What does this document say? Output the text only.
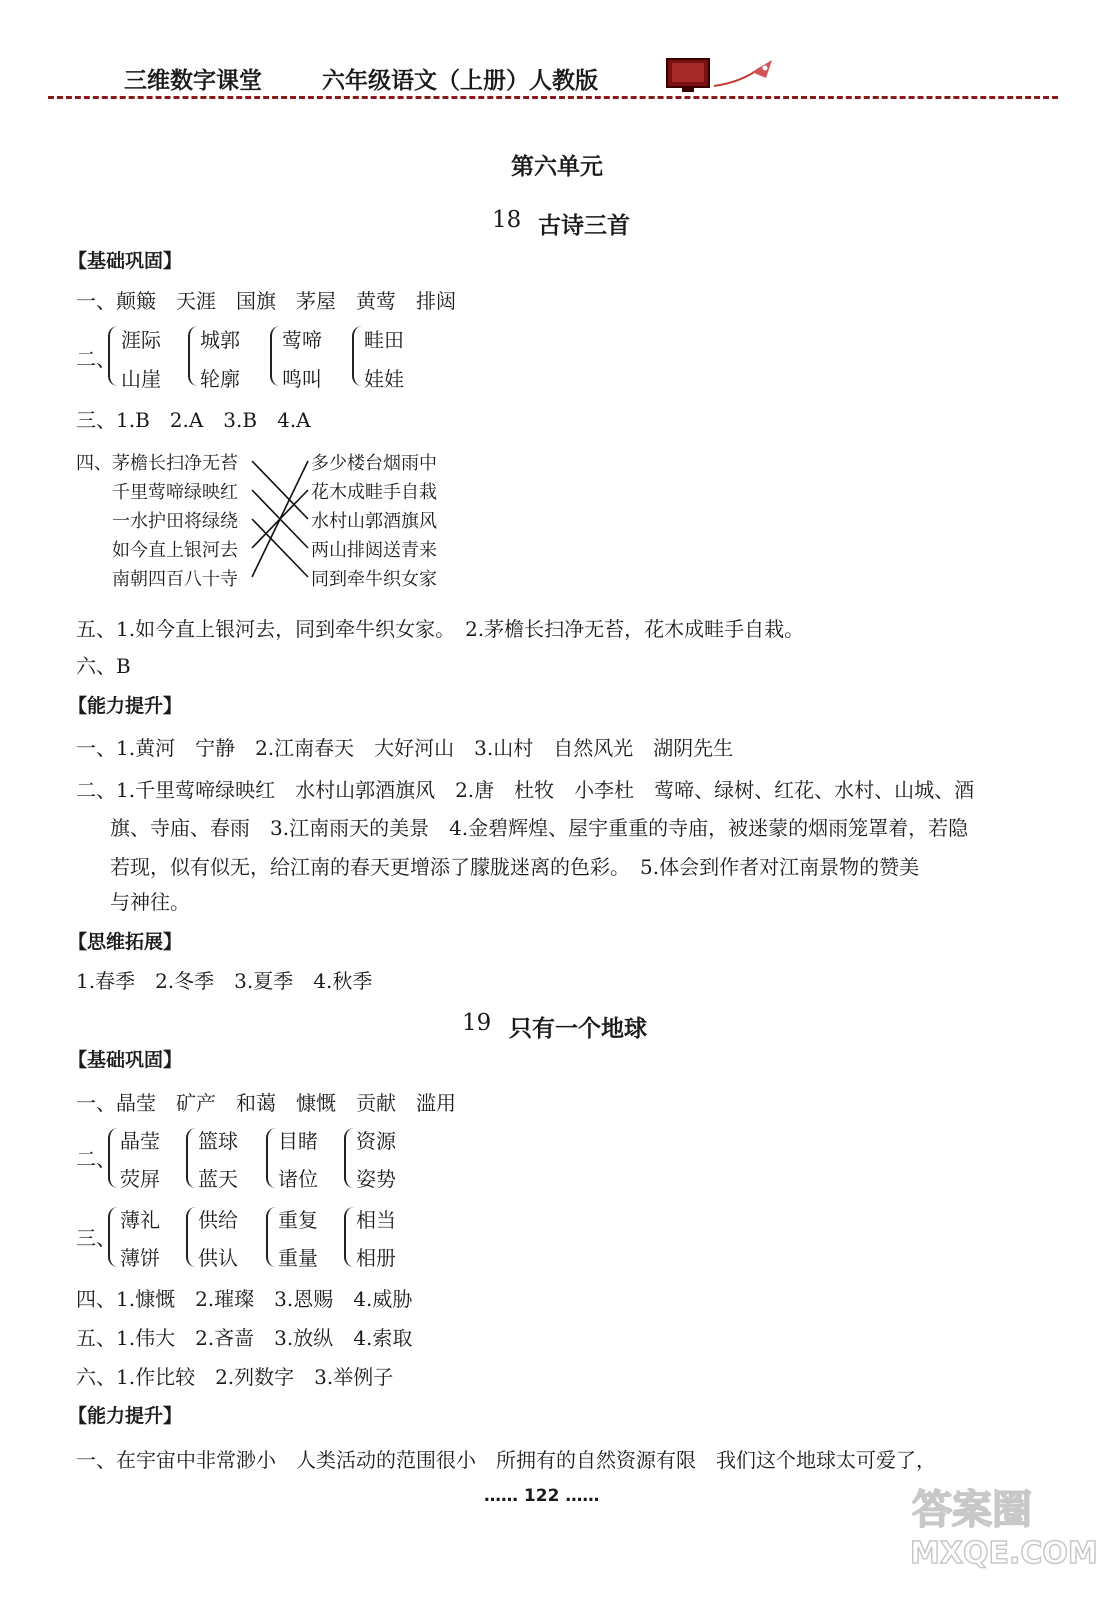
三维数字课堂	六年级语文（上册）人教版
第六单元
18 古诗三首
【基础巩固】
一、颠簸　天涯　国旗　茅屋　黄莺　排闼
二、
涯际
山崖
城郭
轮廓
莺啼
鸣叫
畦田
娃娃
三、1.B　2.A　3.B　4.A
四、 茅檐长扫净无苔
千里莺啼绿映红
一水护田将绿绕
如今直上银河去
南朝四百八十寺
多少楼台烟雨中
花木成畦手自栽
水村山郭酒旗风
两山排闼送青来
同到牵牛织女家
五、1.如今直上银河去，同到牵牛织女家。　2.茅檐长扫净无苔，花木成畦手自栽。
六、B
【能力提升】
一、1.黄河　宁静　2.江南春天　大好河山　3.山村　自然风光　湖阴先生
二、1.千里莺啼绿映红　水村山郭酒旗风　2.唐　杜牧　小李杜　莺啼、绿树、红花、水村、山城、酒
旗、寺庙、春雨　3.江南雨天的美景　4.金碧辉煌、屋宇重重的寺庙，被迷蒙的烟雨笼罩着，若隐
若现，似有似无，给江南的春天更增添了朦胧迷离的色彩。　5.体会到作者对江南景物的赞美
与神往。
【思维拓展】
1.春季　2.冬季　3.夏季　4.秋季
19 只有一个地球
【基础巩固】
一、晶莹　矿产　和蔼　慷慨　贡献　滥用
二、
晶莹
荧屏
篮球
蓝天
目睹
诸位
资源
姿势
三、
薄礼
薄饼
供给
供认
重复
重量
相当
相册
四、1.慷慨　2.璀璨　3.恩赐　4.威胁
五、1.伟大　2.吝啬　3.放纵　4.索取
六、1.作比较　2.列数字　3.举例子
【能力提升】
一、在宇宙中非常渺小　人类活动的范围很小　所拥有的自然资源有限　我们这个地球太可爱了，
…… 122 ……	答案圈
MXQE.COM
